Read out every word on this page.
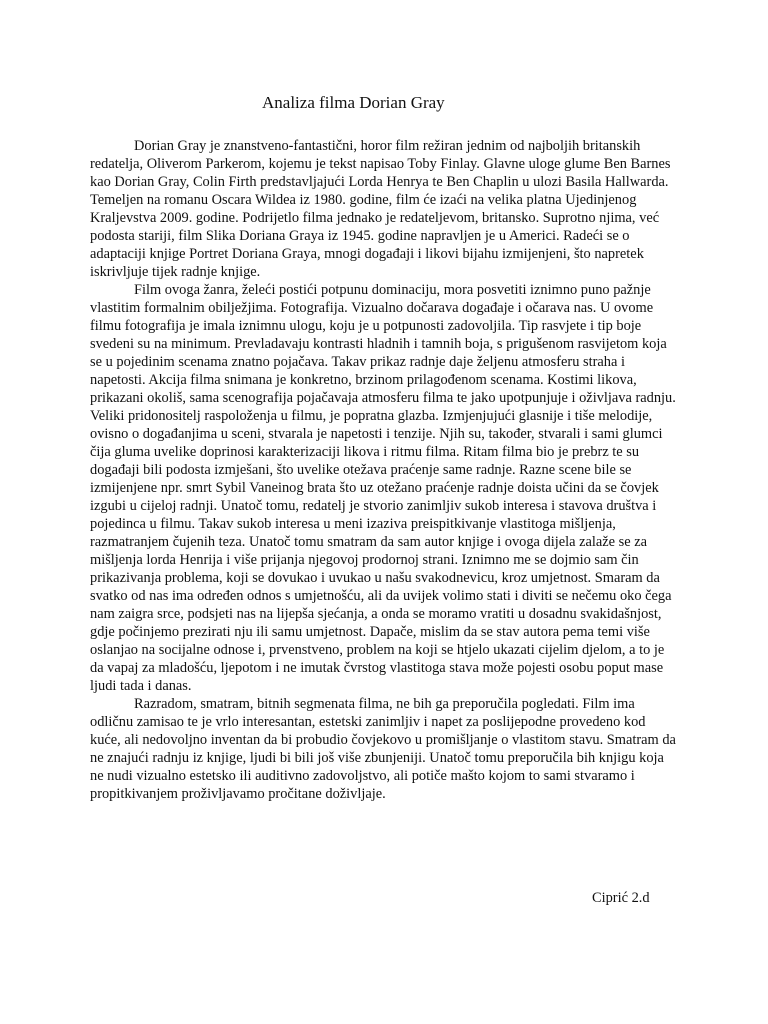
Analiza filma Dorian Gray

Dorian Gray je znanstveno-fantastični, horor film režiran jednim od najboljih britanskih redatelja, Oliverom Parkerom, kojemu je tekst napisao Toby Finlay. Glavne uloge glume Ben Barnes kao Dorian Gray, Colin Firth predstavljajući Lorda Henrya te Ben Chaplin u ulozi Basila Hallwarda. Temeljen na romanu Oscara Wildea iz 1980. godine, film će izaći na velika platna Ujedinjenog Kraljevstva 2009. godine. Podrijetlo filma jednako je redateljevom, britansko. Suprotno njima, već podosta stariji, film Slika Doriana Graya iz 1945. godine napravljen je u Americi. Radeći se o adaptaciji knjige Portret Doriana Graya, mnogi događaji i likovi bijahu izmijenjeni, što napretek iskrivljuje tijek radnje knjige.

Film ovoga žanra, želeći postići potpunu dominaciju, mora posvetiti iznimno puno pažnje vlastitim formalnim obilježjima. Fotografija. Vizualno dočarava događaje i očarava nas. U ovome filmu fotografija je imala iznimnu ulogu, koju je u potpunosti zadovoljila. Tip rasvjete i tip boje svedeni su na minimum. Prevladavaju kontrasti hladnih i tamnih boja, s prigušenom rasvijetom koja se u pojedinim scenama znatno pojačava. Takav prikaz radnje daje željenu atmosferu straha i napetosti. Akcija filma snimana je konkretno, brzinom prilagođenom scenama. Kostimi likova, prikazani okoliš, sama scenografija pojačavaja atmosferu filma te jako upotpunjuje i oživljava radnju. Veliki pridonositelj raspoloženja u filmu, je popratna glazba. Izmjenjujući glasnije i tiše melodije, ovisno o događanjima u sceni, stvarala je napetosti i tenzije. Njih su, također, stvarali i sami glumci čija gluma uvelike doprinosi karakterizaciji likova i ritmu filma. Ritam filma bio je prebrz te su događaji bili podosta izmješani, što uvelike otežava praćenje same radnje. Razne scene bile se izmijenjene npr. smrt Sybil Vaneinog brata što uz otežano praćenje radnje doista učini da se čovjek izgubi u cijeloj radnji. Unatoč tomu, redatelj je stvorio zanimljiv sukob interesa i stavova društva i pojedinca u filmu. Takav sukob interesa u meni izaziva preispitkivanje vlastitoga mišljenja, razmatranjem čujenih teza. Unatoč tomu smatram da sam autor knjige i ovoga dijela zalaže se za mišljenja lorda Henrija i više prijanja njegovoj prodornoj strani. Iznimno me se dojmio sam čin prikazivanja problema, koji se dovukao i uvukao u našu svakodnevicu, kroz umjetnost. Smaram da svatko od nas ima određen odnos s umjetnošću, ali da uvijek volimo stati i diviti se nečemu oko čega nam zaigra srce, podsjeti nas na lijepša sjećanja, a onda se moramo vratiti u dosadnu svakidašnjost, gdje počinjemo prezirati nju ili samu umjetnost. Dapače, mislim da se stav autora pema temi više oslanjao na socijalne odnose i, prvenstveno, problem na koji se htjelo ukazati cijelim djelom, a to je da vapaj za mladošću, ljepotom i ne imutak čvrstog vlastitoga stava može pojesti osobu poput mase ljudi tada i danas.

Razradom, smatram, bitnih segmenata filma, ne bih ga preporučila pogledati. Film ima odličnu zamisao te je vrlo interesantan, estetski zanimljiv i napet za poslijepodne provedeno kod kuće, ali nedovoljno inventan da bi probudio čovjekovo u promišljanje o vlastitom stavu. Smatram da ne znajući radnju iz knjige, ljudi bi bili još više zbunjeniji. Unatoč tomu preporučila bih knjigu koja ne nudi vizualno estetsko ili auditivno zadovoljstvo, ali potiče mašto kojom to sami stvaramo i propitkivanjem proživljavamo pročitane doživljaje.

Ciprić 2.d
